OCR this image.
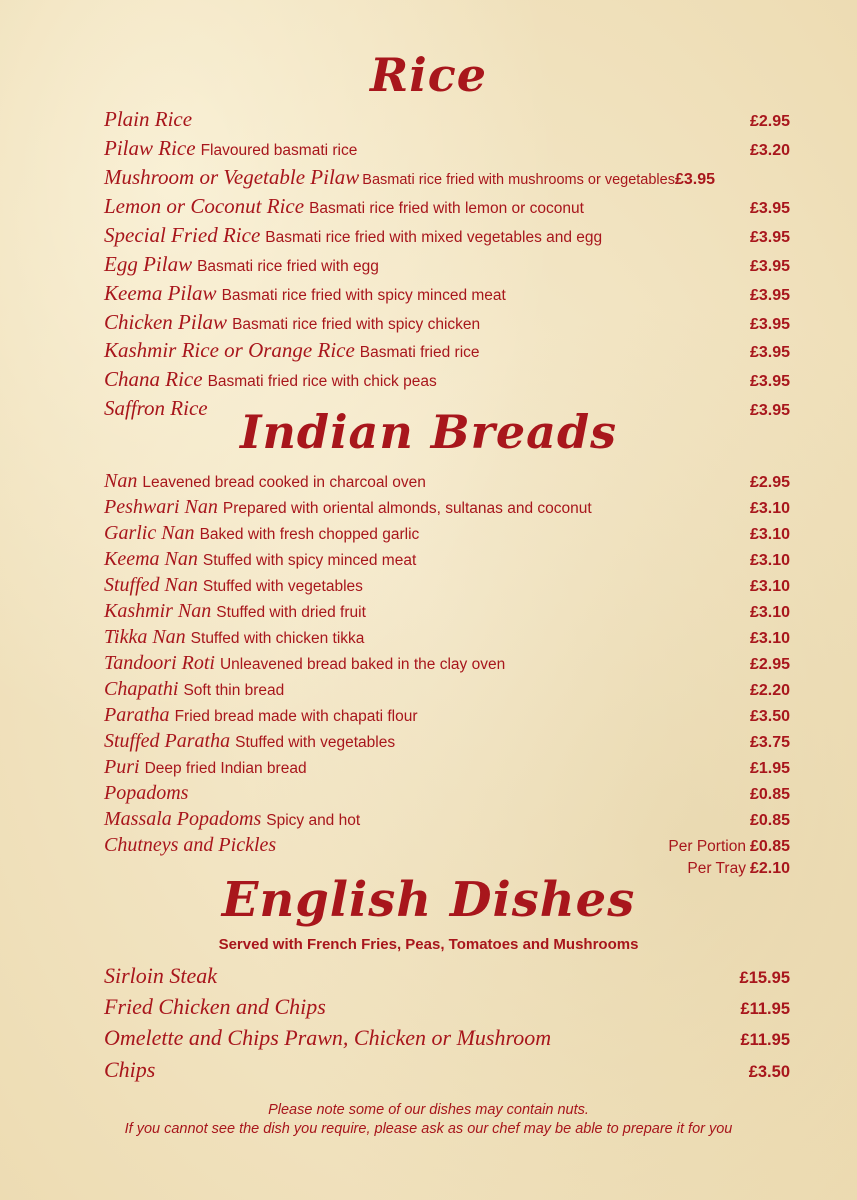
Rice
Plain Rice	£2.95
Pilaw Rice Flavoured basmati rice	£3.20
Mushroom or Vegetable Pilaw Basmati rice fried with mushrooms or vegetables £3.95
Lemon or Coconut Rice Basmati rice fried with lemon or coconut	£3.95
Special Fried Rice Basmati rice fried with mixed vegetables and egg	£3.95
Egg Pilaw Basmati rice fried with egg	£3.95
Keema Pilaw Basmati rice fried with spicy minced meat	£3.95
Chicken Pilaw Basmati rice fried with spicy chicken	£3.95
Kashmir Rice or Orange Rice Basmati fried rice	£3.95
Chana Rice Basmati fried rice with chick peas	£3.95
Saffron Rice	£3.95
Indian Breads
Nan Leavened bread cooked in charcoal oven	£2.95
Peshwari Nan Prepared with oriental almonds, sultanas and coconut	£3.10
Garlic Nan Baked with fresh chopped garlic	£3.10
Keema Nan Stuffed with spicy minced meat	£3.10
Stuffed Nan Stuffed with vegetables	£3.10
Kashmir Nan Stuffed with dried fruit	£3.10
Tikka Nan Stuffed with chicken tikka	£3.10
Tandoori Roti Unleavened bread baked in the clay oven	£2.95
Chapathi Soft thin bread	£2.20
Paratha Fried bread made with chapati flour	£3.50
Stuffed Paratha Stuffed with vegetables	£3.75
Puri Deep fried Indian bread	£1.95
Popadoms	£0.85
Massala Popadoms Spicy and hot	£0.85
Chutneys and Pickles	Per Portion £0.85
Per Tray £2.10
English Dishes
Served with French Fries, Peas, Tomatoes and Mushrooms
Sirloin Steak	£15.95
Fried Chicken and Chips	£11.95
Omelette and Chips Prawn, Chicken or Mushroom	£11.95
Chips	£3.50
Please note some of our dishes may contain nuts.
If you cannot see the dish you require, please ask as our chef may be able to prepare it for you
